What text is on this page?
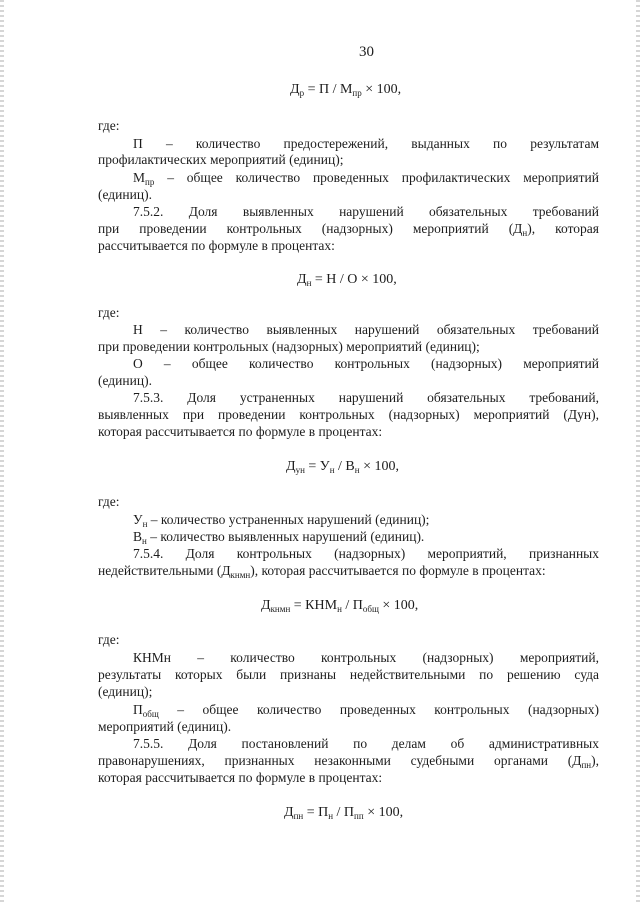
30
$Д_р = П / М_{пр} \times 100$,
где:
П – количество предостережений, выданных по результатам
профилактических мероприятий (единиц);
$М_{пр}$ – общее количество проведенных профилактических мероприятий
(единиц).
7.5.2. Доля выявленных нарушений обязательных требований
при проведении контрольных (надзорных) мероприятий $(Д_н)$, которая
рассчитывается по формуле в процентах:
$Д_н = Н / О \times 100$,
где:
Н – количество выявленных нарушений обязательных требований
при проведении контрольных (надзорных) мероприятий (единиц);
О – общее количество контрольных (надзорных) мероприятий
(единиц).
7.5.3. Доля устраненных нарушений обязательных требований,
выявленных при проведении контрольных (надзорных) мероприятий (Дун),
которая рассчитывается по формуле в процентах:
$Д_{ун} = У_н / В_н \times 100$,
где:
$У_н$ – количество устраненных нарушений (единиц);
$В_н$ – количество выявленных нарушений (единиц).
7.5.4. Доля контрольных (надзорных) мероприятий, признанных
недействительными $(Д_{кнмн})$, которая рассчитывается по формуле в процентах:
$Д_{кнмн} = КНМ_н / П_{общ} \times 100$,
где:
КНМн – количество контрольных (надзорных) мероприятий,
результаты которых были признаны недействительными по решению суда
(единиц);
$П_{общ}$ – общее количество проведенных контрольных (надзорных)
мероприятий (единиц).
7.5.5. Доля постановлений по делам об административных
правонарушениях, признанных незаконными судебными органами $(Д_{пн})$,
которая рассчитывается по формуле в процентах:
$Д_{пн} = П_н / П_{пп} \times 100$,
